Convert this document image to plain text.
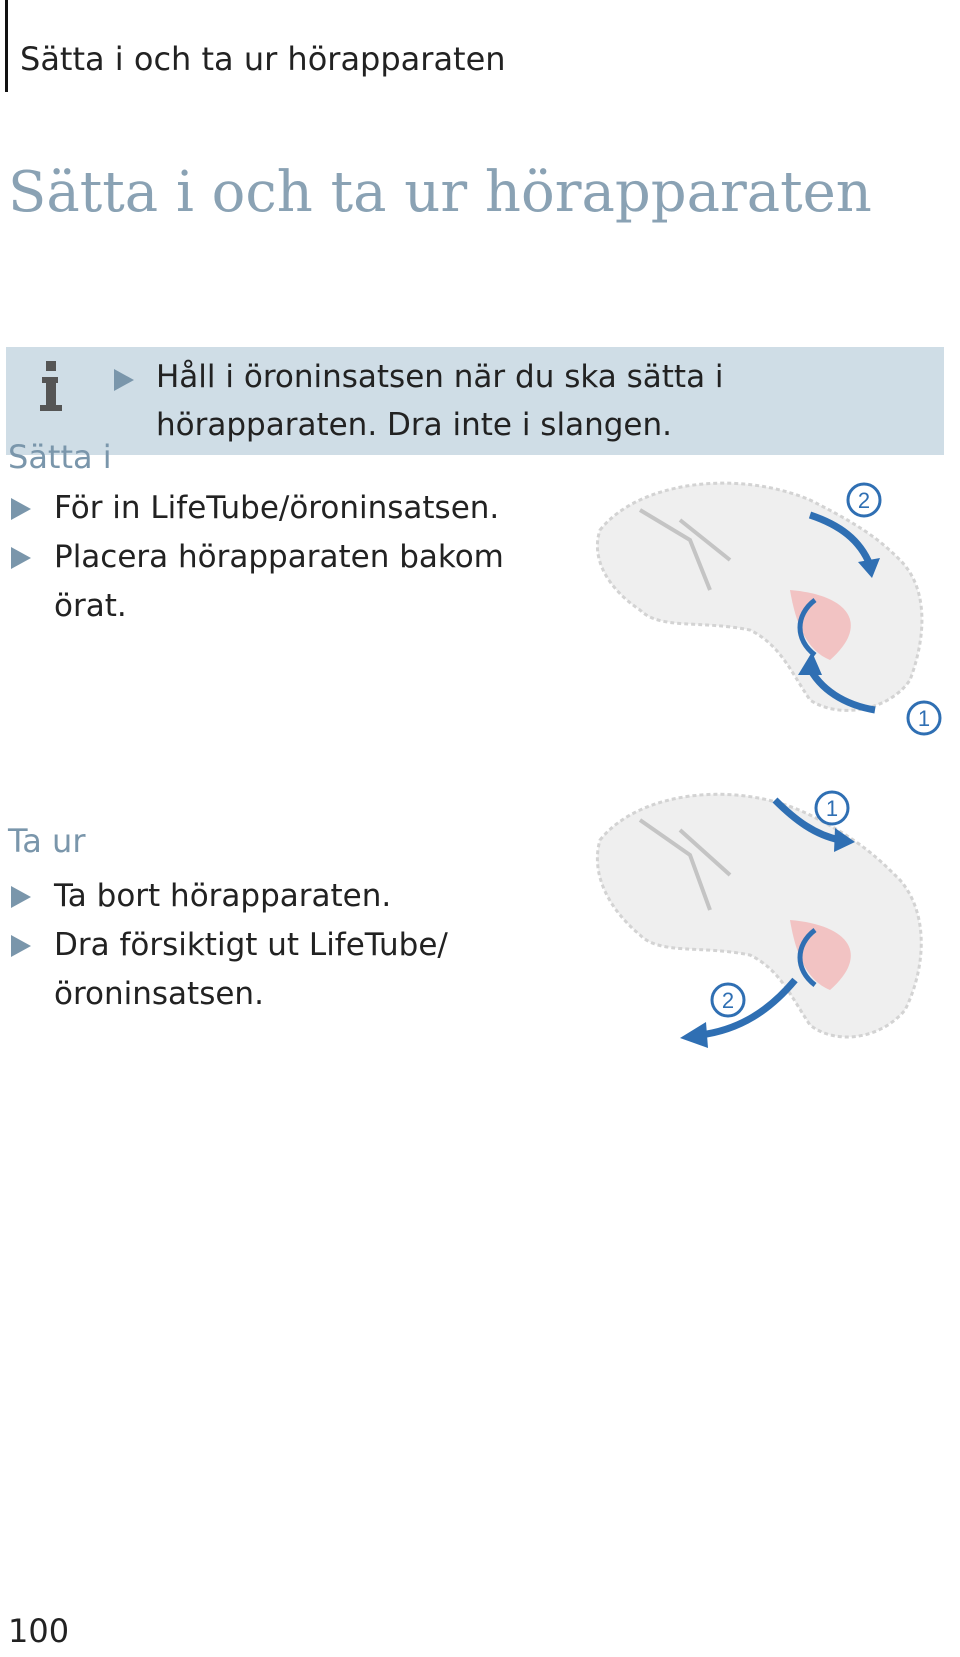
Sätta i och ta ur hörapparaten
Sätta i och ta ur hörapparaten
Håll i öroninsatsen när du ska sätta i hörapparaten. Dra inte i slangen.
Sätta i
För in LifeTube/öroninsatsen.
Placera hörapparaten bakom örat.
2
1
Ta ur
Ta bort hörapparaten.
Dra försiktigt ut LifeTube/öroninsatsen.
1
2
100
